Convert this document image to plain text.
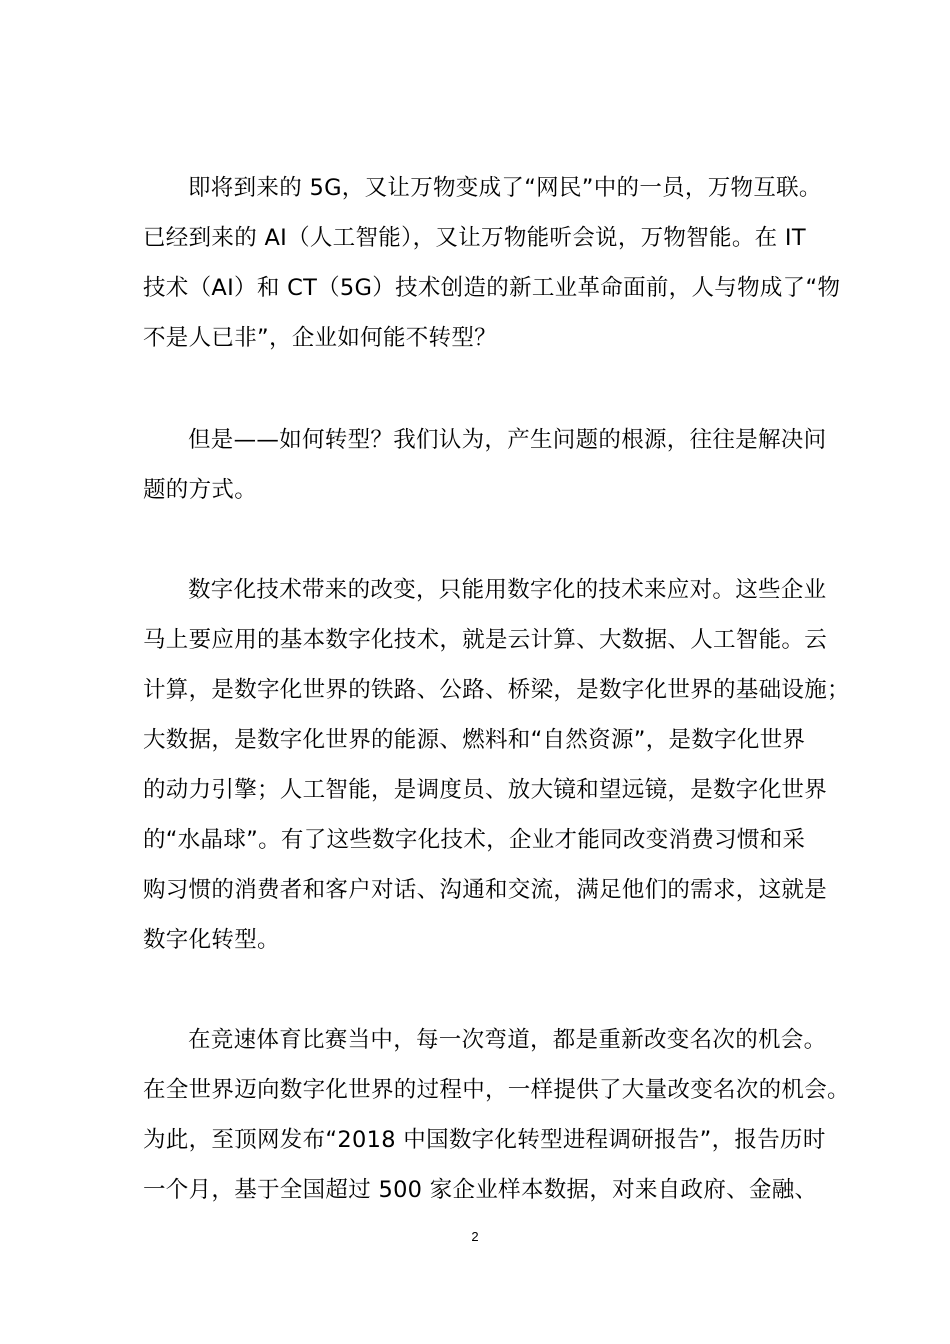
即将到来的 5G，又让万物变成了“网民”中的一员，万物互联。
已经到来的 AI（人工智能），又让万物能听会说，万物智能。在 IT
技术（AI）和 CT（5G）技术创造的新工业革命面前，人与物成了“物
不是人已非”，企业如何能不转型？
但是——如何转型？我们认为，产生问题的根源，往往是解决问
题的方式。
数字化技术带来的改变，只能用数字化的技术来应对。这些企业
马上要应用的基本数字化技术，就是云计算、大数据、人工智能。云
计算，是数字化世界的铁路、公路、桥梁，是数字化世界的基础设施；
大数据，是数字化世界的能源、燃料和“自然资源”，是数字化世界
的动力引擎；人工智能，是调度员、放大镜和望远镜，是数字化世界
的“水晶球”。有了这些数字化技术，企业才能同改变消费习惯和采
购习惯的消费者和客户对话、沟通和交流，满足他们的需求，这就是
数字化转型。
在竞速体育比赛当中，每一次弯道，都是重新改变名次的机会。
在全世界迈向数字化世界的过程中，一样提供了大量改变名次的机会。
为此，至顶网发布“2018 中国数字化转型进程调研报告”，报告历时
一个月，基于全国超过 500 家企业样本数据，对来自政府、金融、
2
